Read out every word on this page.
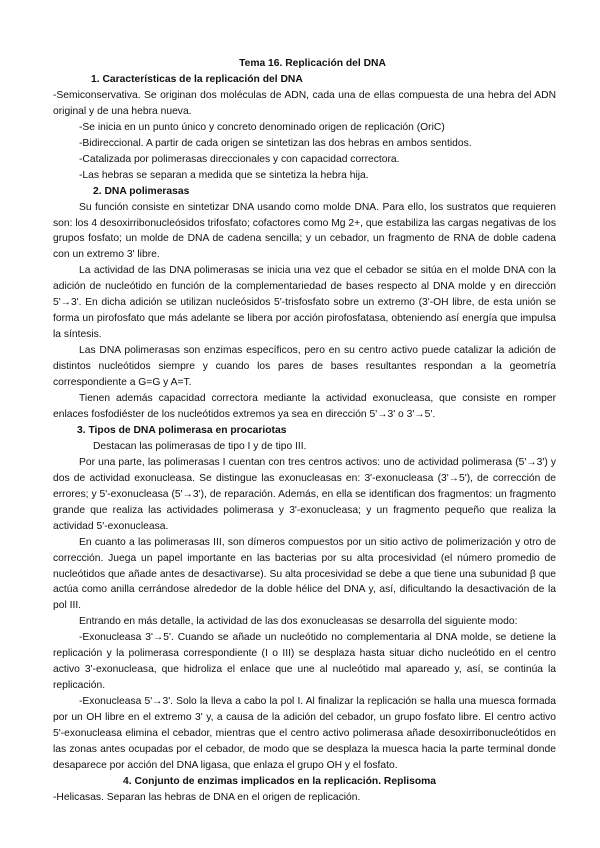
Tema 16. Replicación del DNA
1. Características de la replicación del DNA

-Semiconservativa. Se originan dos moléculas de ADN, cada una de ellas compuesta de una hebra del ADN original y de una hebra nueva.

-Se inicia en un punto único y concreto denominado origen de replicación (OriC)

-Bidireccional. A partir de cada origen se sintetizan las dos hebras en ambos sentidos.

-Catalizada por polimerasas direccionales y con capacidad correctora.

-Las hebras se separan a medida que se sintetiza la hebra hija.

2. DNA polimerasas

Su función consiste en sintetizar DNA usando como molde DNA. Para ello, los sustratos que requieren son: los 4 desoxirribonucleósidos trifosfato; cofactores como Mg 2+, que estabiliza las cargas negativas de los grupos fosfato; un molde de DNA de cadena sencilla; y un cebador, un fragmento de RNA de doble cadena con un extremo 3' libre.

La actividad de las DNA polimerasas se inicia una vez que el cebador se sitúa en el molde DNA con la adición de nucleótido en función de la complementariedad de bases respecto al DNA molde y en dirección 5'→3'. En dicha adición se utilizan nucleósidos 5'-trisfosfato sobre un extremo (3'-OH libre, de esta unión se forma un pirofosfato que más adelante se libera por acción pirofosfatasa, obteniendo así energía que impulsa la síntesis.

Las DNA polimerasas son enzimas específicos, pero en su centro activo puede catalizar la adición de distintos nucleótidos siempre y cuando los pares de bases resultantes respondan a la geometría correspondiente a G=G y A=T.

Tienen además capacidad correctora mediante la actividad exonucleasa, que consiste en romper enlaces fosfodiéster de los nucleótidos extremos ya sea en dirección 5'→3' o 3'→5'.

3. Tipos de DNA polimerasa en procariotas

Destacan las polimerasas de tipo I y de tipo III.

Por una parte, las polimerasas I cuentan con tres centros activos: uno de actividad polimerasa (5'→3') y dos de actividad exonucleasa. Se distingue las exonucleasas en: 3'-exonucleasa (3'→5'), de corrección de errores; y 5'-exonucleasa (5'→3'), de reparación. Además, en ella se identifican dos fragmentos: un fragmento grande que realiza las actividades polimerasa y 3'-exonucleasa; y un fragmento pequeño que realiza la actividad 5'-exonucleasa.

En cuanto a las polimerasas III, son dímeros compuestos por un sitio activo de polimerización y otro de corrección. Juega un papel importante en las bacterias por su alta procesividad (el número promedio de nucleótidos que añade antes de desactivarse). Su alta procesividad se debe a que tiene una subunidad β que actúa como anilla cerrándose alrededor de la doble hélice del DNA y, así, dificultando la desactivación de la pol III.

Entrando en más detalle, la actividad de las dos exonucleasas se desarrolla del siguiente modo:

-Exonucleasa 3'→5'. Cuando se añade un nucleótido no complementaria al DNA molde, se detiene la replicación y la polimerasa correspondiente (I o III) se desplaza hasta situar dicho nucleótido en el centro activo 3'-exonucleasa, que hidroliza el enlace que une al nucleótido mal apareado y, así, se continúa la replicación.

-Exonucleasa 5'→3'. Solo la lleva a cabo la pol I. Al finalizar la replicación se halla una muesca formada por un OH libre en el extremo 3' y, a causa de la adición del cebador, un grupo fosfato libre. El centro activo 5'-exonucleasa elimina el cebador, mientras que el centro activo polimerasa añade desoxirribonucleótidos en las zonas antes ocupadas por el cebador, de modo que se desplaza la muesca hacia la parte terminal donde desaparece por acción del DNA ligasa, que enlaza el grupo OH y el fosfato.

4. Conjunto de enzimas implicados en la replicación. Replisoma

-Helicasas. Separan las hebras de DNA en el origen de replicación.
